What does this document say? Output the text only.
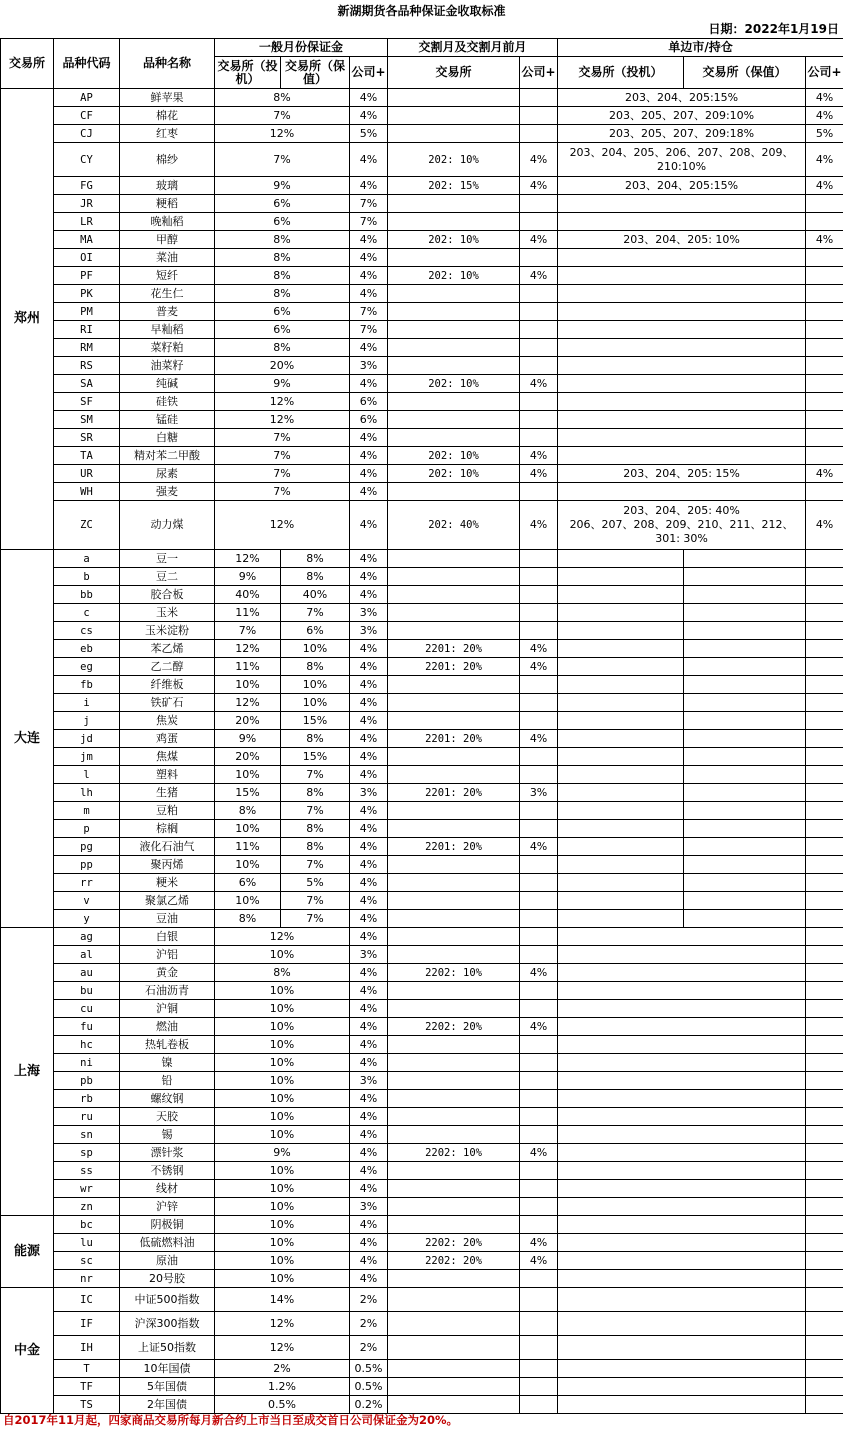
新湖期货各品种保证金收取标准
日期：2022年1月19日
交易所	品种代码	品种名称	一般月份保证金			交割月及交割月前月		单边市/持仓		
			交易所（投机）	交易所（保值）	公司+	交易所	公司+	交易所（投机）	交易所（保值）	公司+
郑州	AP	鲜苹果	8%		4%			203、204、205:15%		4%
	CF	棉花	7%		4%			203、205、207、209:10%		4%
	CJ	红枣	12%		5%			203、205、207、209:18%		5%
	CY	棉纱	7%		4%	202: 10%	4%	203、204、205、206、207、208、209、210:10%		4%
	FG	玻璃	9%		4%	202: 15%	4%	203、204、205:15%		4%
	JR	粳稻	6%		7%					
	LR	晚籼稻	6%		7%					
	MA	甲醇	8%		4%	202: 10%	4%	203、204、205: 10%		4%
	OI	菜油	8%		4%					
	PF	短纤	8%		4%	202: 10%	4%			
	PK	花生仁	8%		4%					
	PM	普麦	6%		7%					
	RI	早籼稻	6%		7%					
	RM	菜籽粕	8%		4%					
	RS	油菜籽	20%		3%					
	SA	纯碱	9%		4%	202: 10%	4%			
	SF	硅铁	12%		6%					
	SM	锰硅	12%		6%					
	SR	白糖	7%		4%					
	TA	精对苯二甲酸	7%		4%	202: 10%	4%			
	UR	尿素	7%		4%	202: 10%	4%	203、204、205: 15%		4%
	WH	强麦	7%		4%					
	ZC	动力煤	12%		4%	202: 40%	4%	203、204、205: 40%
206、207、208、209、210、211、212、301: 30%		4%
大连	a	豆一	12%	8%	4%					
	b	豆二	9%	8%	4%					
	bb	胶合板	40%	40%	4%					
	c	玉米	11%	7%	3%					
	cs	玉米淀粉	7%	6%	3%					
	eb	苯乙烯	12%	10%	4%	2201: 20%	4%			
	eg	乙二醇	11%	8%	4%	2201: 20%	4%			
	fb	纤维板	10%	10%	4%					
	i	铁矿石	12%	10%	4%					
	j	焦炭	20%	15%	4%					
	jd	鸡蛋	9%	8%	4%	2201: 20%	4%			
	jm	焦煤	20%	15%	4%					
	l	塑料	10%	7%	4%					
	lh	生猪	15%	8%	3%	2201: 20%	3%			
	m	豆粕	8%	7%	4%					
	p	棕榈	10%	8%	4%					
	pg	液化石油气	11%	8%	4%	2201: 20%	4%			
	pp	聚丙烯	10%	7%	4%					
	rr	粳米	6%	5%	4%					
	v	聚氯乙烯	10%	7%	4%					
	y	豆油	8%	7%	4%					
上海	ag	白银	12%		4%					
	al	沪铝	10%		3%					
	au	黄金	8%		4%	2202: 10%	4%			
	bu	石油沥青	10%		4%					
	cu	沪铜	10%		4%					
	fu	燃油	10%		4%	2202: 20%	4%			
	hc	热轧卷板	10%		4%					
	ni	镍	10%		4%					
	pb	铅	10%		3%					
	rb	螺纹钢	10%		4%					
	ru	天胶	10%		4%					
	sn	锡	10%		4%					
	sp	漂针浆	9%		4%	2202: 10%	4%			
	ss	不锈钢	10%		4%					
	wr	线材	10%		4%					
	zn	沪锌	10%		3%					
能源	bc	阴极铜	10%		4%					
	lu	低硫燃料油	10%		4%	2202: 20%	4%			
	sc	原油	10%		4%	2202: 20%	4%			
	nr	20号胶	10%		4%					
中金	IC	中证500指数	14%		2%					
	IF	沪深300指数	12%		2%					
	IH	上证50指数	12%		2%					
	T	10年国债	2%		0.5%					
	TF	5年国债	1.2%		0.5%					
	TS	2年国债	0.5%		0.2%					
自2017年11月起，四家商品交易所每月新合约上市当日至成交首日公司保证金为20%。
